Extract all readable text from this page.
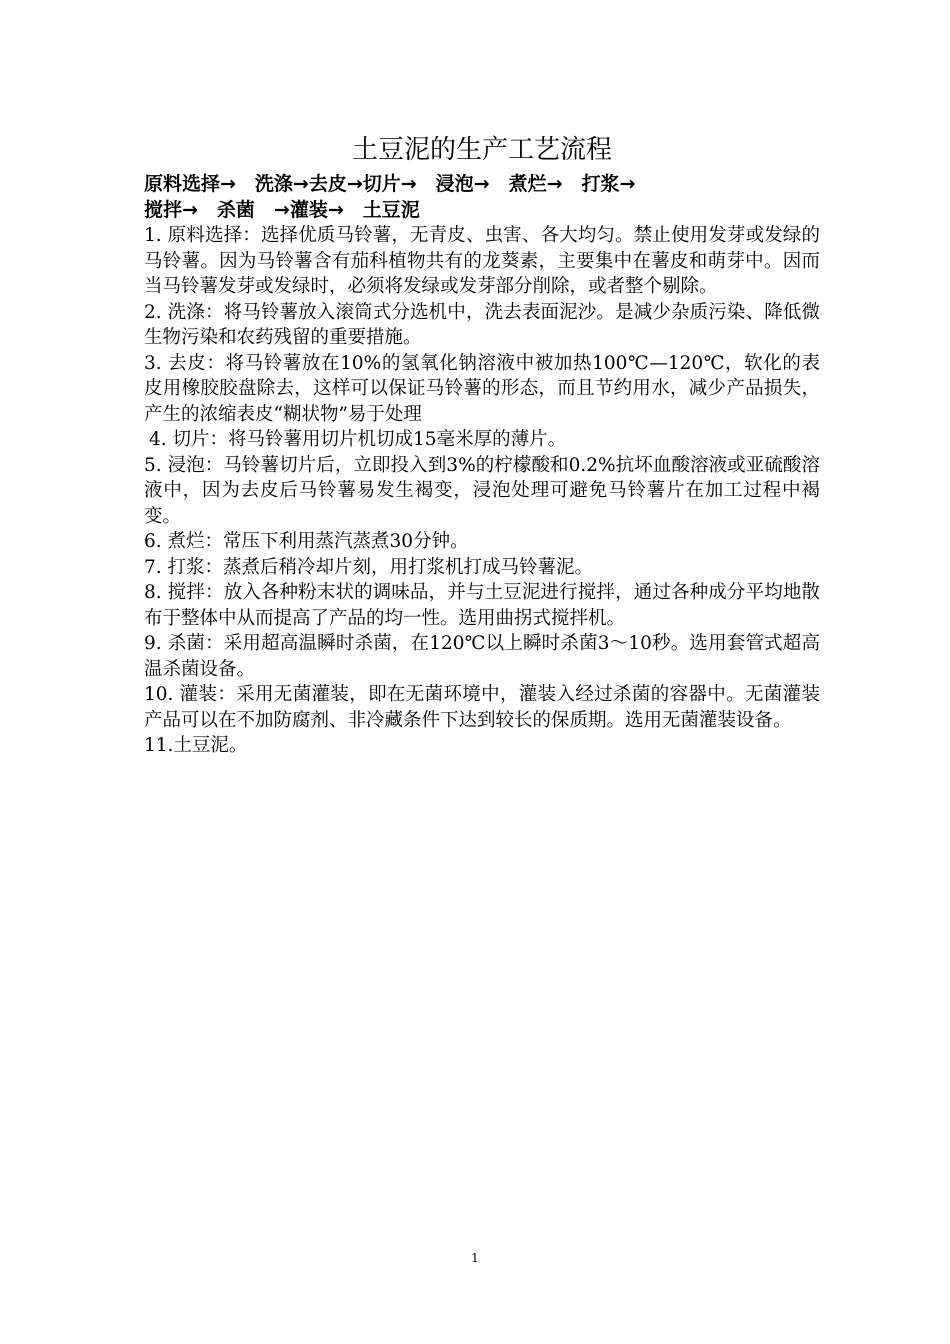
土豆泥的生产工艺流程

原料选择→　洗涤→去皮→切片→　浸泡→　煮烂→　打浆→

搅拌→　杀菌　→灌装→　土豆泥

1. 原料选择：选择优质马铃薯，无青皮、虫害、各大均匀。禁止使用发芽或发绿的马铃薯。因为马铃薯含有茄科植物共有的龙葵素，主要集中在薯皮和萌芽中。因而当马铃薯发芽或发绿时，必须将发绿或发芽部分削除，或者整个剔除。

2. 洗涤：将马铃薯放入滚筒式分选机中，洗去表面泥沙。是减少杂质污染、降低微生物污染和农药残留的重要措施。

3. 去皮：将马铃薯放在10%的氢氧化钠溶液中被加热100℃—120℃，软化的表皮用橡胶胶盘除去，这样可以保证马铃薯的形态，而且节约用水，减少产品损失，产生的浓缩表皮“糊状物”易于处理

4. 切片：将马铃薯用切片机切成15毫米厚的薄片。

5. 浸泡：马铃薯切片后，立即投入到3%的柠檬酸和0.2%抗坏血酸溶液或亚硫酸溶液中，因为去皮后马铃薯易发生褐变，浸泡处理可避免马铃薯片在加工过程中褐变。

6. 煮烂：常压下利用蒸汽蒸煮30分钟。

7. 打浆：蒸煮后稍冷却片刻，用打浆机打成马铃薯泥。

8. 搅拌：放入各种粉末状的调味品，并与土豆泥进行搅拌，通过各种成分平均地散布于整体中从而提高了产品的均一性。选用曲拐式搅拌机。

9. 杀菌：采用超高温瞬时杀菌，在120℃以上瞬时杀菌3～10秒。选用套管式超高温杀菌设备。

10. 灌装：采用无菌灌装，即在无菌环境中，灌装入经过杀菌的容器中。无菌灌装产品可以在不加防腐剂、非冷藏条件下达到较长的保质期。选用无菌灌装设备。

11.土豆泥。

1
